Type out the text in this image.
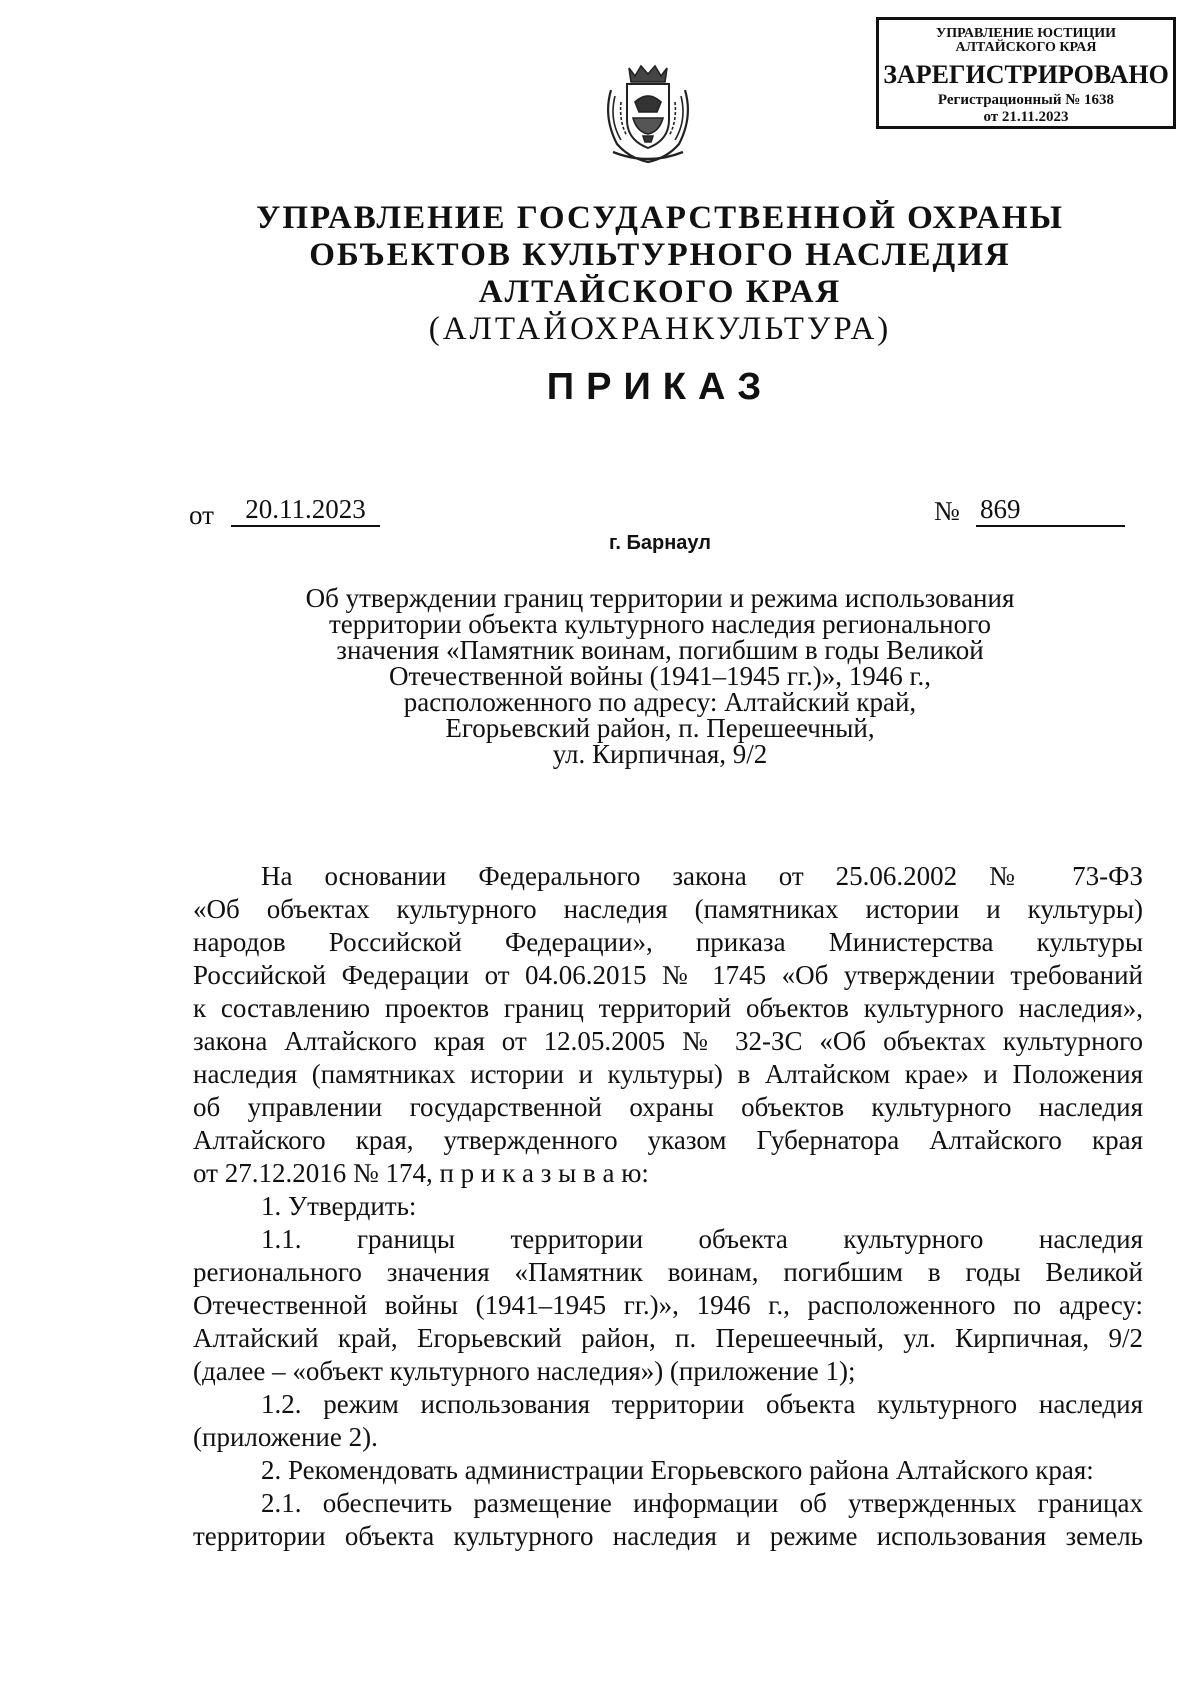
УПРАВЛЕНИЕ ЮСТИЦИИ
АЛТАЙСКОГО КРАЯ
ЗАРЕГИСТРИРОВАНО
Регистрационный № 1638
от 21.11.2023
УПРАВЛЕНИЕ ГОСУДАРСТВЕННОЙ ОХРАНЫ
ОБЪЕКТОВ КУЛЬТУРНОГО НАСЛЕДИЯ
АЛТАЙСКОГО КРАЯ
(АЛТАЙОХРАНКУЛЬТУРА)
ПРИКАЗ
от	20.11.2023	№ 869
г. Барнаул
Об утверждении границ территории и режима использования
территории объекта культурного наследия регионального
значения «Памятник воинам, погибшим в годы Великой
Отечественной войны (1941–1945 гг.)», 1946 г.,
расположенного по адресу: Алтайский край,
Егорьевский район, п. Перешеечный,
ул. Кирпичная, 9/2
На основании Федерального закона от 25.06.2002 № 73-ФЗ
«Об объектах культурного наследия (памятниках истории и культуры)
народов Российской Федерации», приказа Министерства культуры
Российской Федерации от 04.06.2015 № 1745 «Об утверждении требований
к составлению проектов границ территорий объектов культурного наследия»,
закона Алтайского края от 12.05.2005 № 32-ЗС «Об объектах культурного
наследия (памятниках истории и культуры) в Алтайском крае» и Положения
об управлении государственной охраны объектов культурного наследия
Алтайского края, утвержденного указом Губернатора Алтайского края
от 27.12.2016 № 174, п р и к а з ы в а ю:
1. Утвердить:
1.1. границы территории объекта культурного наследия
регионального значения «Памятник воинам, погибшим в годы Великой
Отечественной войны (1941–1945 гг.)», 1946 г., расположенного по адресу:
Алтайский край, Егорьевский район, п. Перешеечный, ул. Кирпичная, 9/2
(далее – «объект культурного наследия») (приложение 1);
1.2. режим использования территории объекта культурного наследия
(приложение 2).
2. Рекомендовать администрации Егорьевского района Алтайского края:
2.1. обеспечить размещение информации об утвержденных границах
территории объекта культурного наследия и режиме использования земель
